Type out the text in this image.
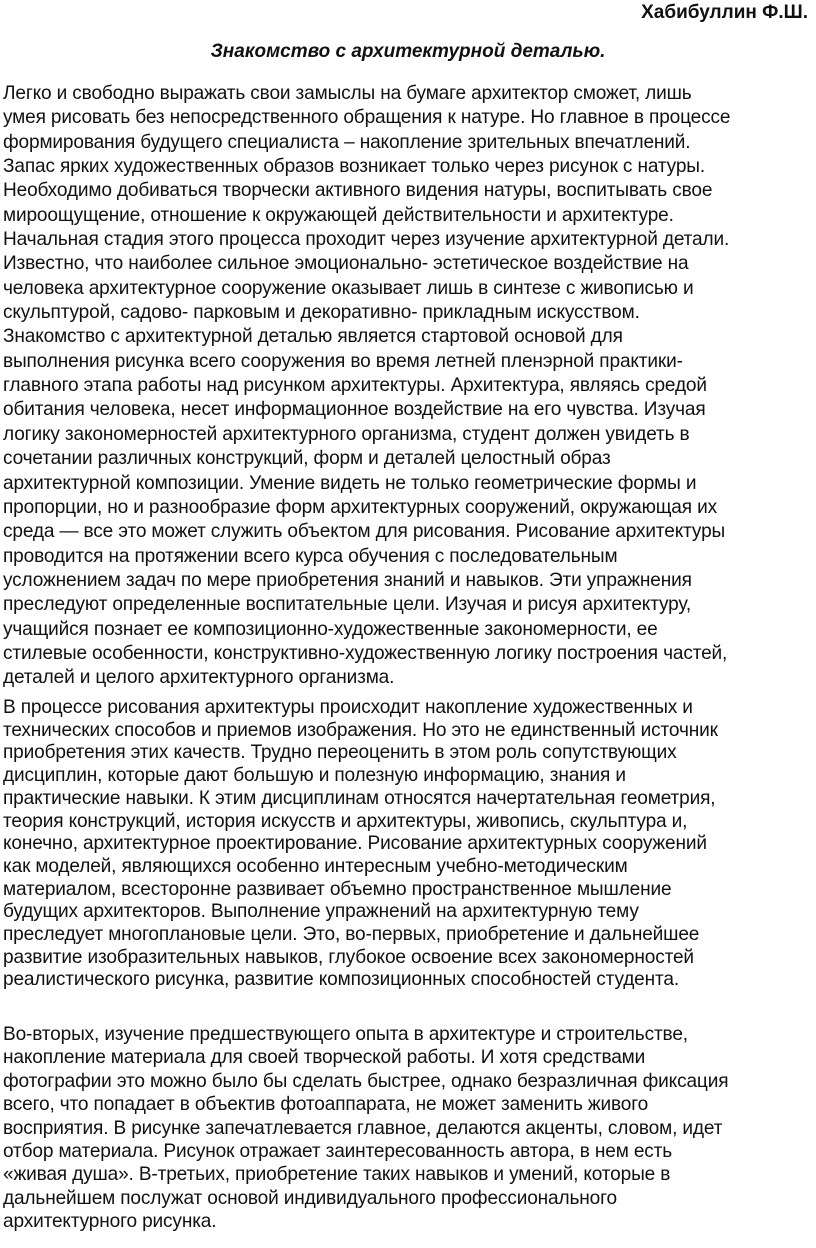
Хабибуллин Ф.Ш.
Знакомство с архитектурной деталью.
Легко и свободно выражать свои замыслы на бумаге архитектор сможет, лишь
умея рисовать без непосредственного обращения к натуре. Но главное в процессе
формирования будущего специалиста – накопление зрительных впечатлений.
Запас ярких художественных образов возникает только через рисунок с натуры.
Необходимо добиваться творчески активного видения натуры, воспитывать свое
мироощущение, отношение к окружающей действительности и архитектуре.
Начальная стадия этого процесса проходит через изучение архитектурной детали.
Известно, что наиболее сильное эмоционально- эстетическое воздействие на
человека архитектурное сооружение оказывает лишь в синтезе с живописью и
скульптурой, садово- парковым и декоративно- прикладным искусством.
Знакомство с архитектурной деталью является стартовой основой для
выполнения рисунка всего сооружения во время летней пленэрной практики-
главного этапа работы над рисунком архитектуры. Архитектура, являясь средой
обитания человека, несет информационное воздействие на его чувства. Изучая
логику закономерностей архитектурного организма, студент должен увидеть в
сочетании различных конструкций, форм и деталей целостный образ
архитектурной композиции. Умение видеть не только геометрические формы и
пропорции, но и разнообразие форм архитектурных сооружений, окружающая их
среда — все это может служить объектом для рисования. Рисование архитектуры
проводится на протяжении всего курса обучения с последовательным
усложнением задач по мере приобретения знаний и навыков. Эти упражнения
преследуют определенные воспитательные цели. Изучая и рисуя архитектуру,
учащийся познает ее композиционно-художественные закономерности, ее
стилевые особенности, конструктивно-художественную логику построения частей,
деталей и целого архитектурного организма.
В процессе рисования архитектуры происходит накопление художественных и
технических способов и приемов изображения. Но это не единственный источник
приобретения этих качеств. Трудно переоценить в этом роль сопутствующих
дисциплин, которые дают большую и полезную информацию, знания и
практические навыки. К этим дисциплинам относятся начертательная геометрия,
теория конструкций, история искусств и архитектуры, живопись, скульптура и,
конечно, архитектурное проектирование. Рисование архитектурных сооружений
как моделей, являющихся особенно интересным учебно-методическим
материалом, всесторонне развивает объемно пространственное мышление
будущих архитекторов. Выполнение упражнений на архитектурную тему
преследует многоплановые цели. Это, во-первых, приобретение и дальнейшее
развитие изобразительных навыков, глубокое освоение всех закономерностей
реалистического рисунка, развитие композиционных способностей студента.
Во-вторых, изучение предшествующего опыта в архитектуре и строительстве,
накопление материала для своей творческой работы. И хотя средствами
фотографии это можно было бы сделать быстрее, однако безразличная фиксация
всего, что попадает в объектив фотоаппарата, не может заменить живого
восприятия. В рисунке запечатлевается главное, делаются акценты, словом, идет
отбор материала. Рисунок отражает заинтересованность автора, в нем есть
«живая душа». В-третьих, приобретение таких навыков и умений, которые в
дальнейшем послужат основой индивидуального профессионального
архитектурного рисунка.
